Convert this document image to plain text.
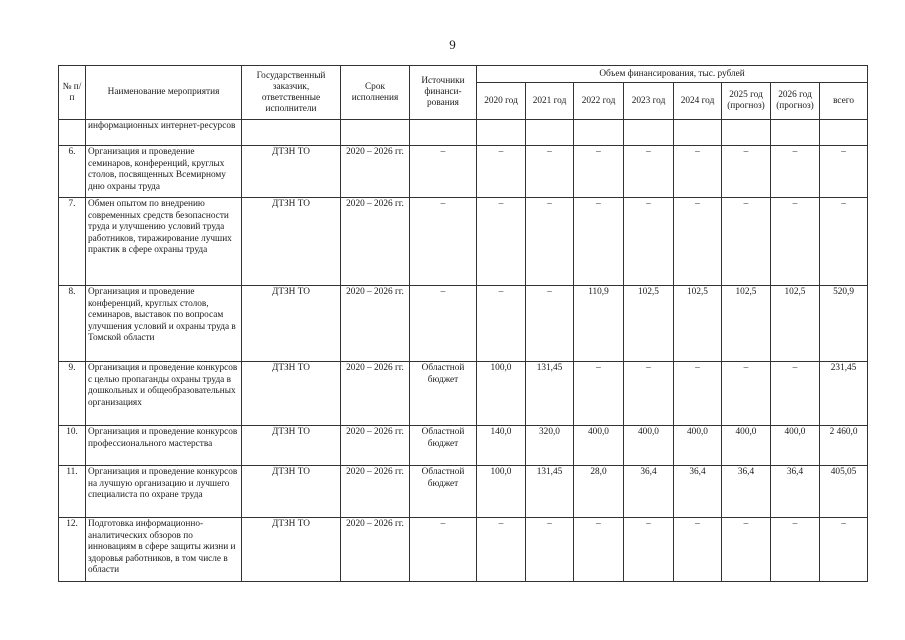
9
№ п/п	Наименование мероприятия	Государственный заказчик, ответственные исполнители	Срок исполнения	Источники финанси-рования	Объем финансирования, тыс. рублей							
					2020 год	2021 год	2022 год	2023 год	2024 год	2025 год (прогноз)	2026 год (прогноз)	всего
	информационных интернет-ресурсов											
6.	Организация и проведение семинаров, конференций, круглых столов, посвященных Всемирному дню охраны труда	ДТЗН ТО	2020 – 2026 гг.	–	–	–	–	–	–	–	–	–
7.	Обмен опытом по внедрению современных средств безопасности труда и улучшению условий труда работников, тиражирование лучших практик в сфере охраны труда	ДТЗН ТО	2020 – 2026 гг.	–	–	–	–	–	–	–	–	–
8.	Организация и проведение конференций, круглых столов, семинаров, выставок по вопросам улучшения условий и охраны труда в Томской области	ДТЗН ТО	2020 – 2026 гг.	–	–	–	110,9	102,5	102,5	102,5	102,5	520,9
9.	Организация и проведение конкурсов с целью пропаганды охраны труда в дошкольных и общеобразовательных организациях	ДТЗН ТО	2020 – 2026 гг.	Областной бюджет	100,0	131,45	–	–	–	–	–	231,45
10.	Организация и проведение конкурсов профессионального мастерства	ДТЗН ТО	2020 – 2026 гг.	Областной бюджет	140,0	320,0	400,0	400,0	400,0	400,0	400,0	2 460,0
11.	Организация и проведение конкурсов на лучшую организацию и лучшего специалиста по охране труда	ДТЗН ТО	2020 – 2026 гг.	Областной бюджет	100,0	131,45	28,0	36,4	36,4	36,4	36,4	405,05
12.	Подготовка информационно-аналитических обзоров по инновациям в сфере защиты жизни и здоровья работников, в том числе в области	ДТЗН ТО	2020 – 2026 гг.	–	–	–	–	–	–	–	–	–
